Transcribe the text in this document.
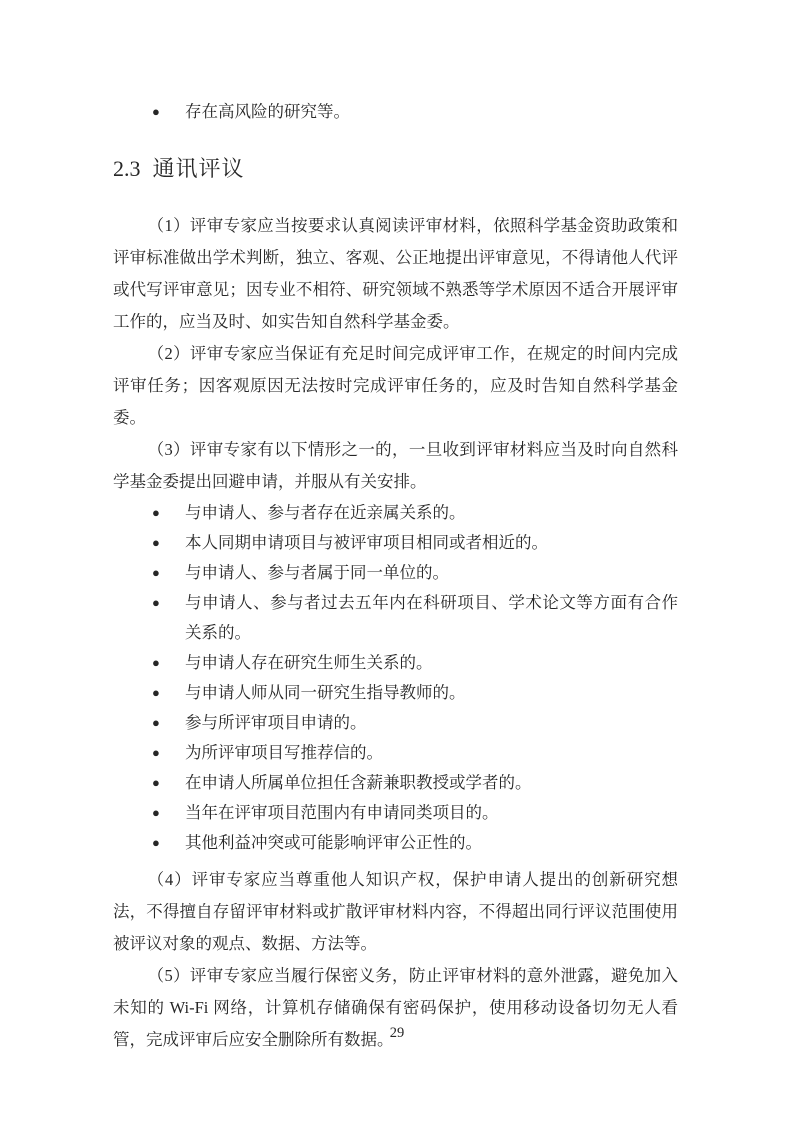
● 存在高风险的研究等。
2.3 通讯评议

（1）评审专家应当按要求认真阅读评审材料，依照科学基金资助政策和评审标准做出学术判断，独立、客观、公正地提出评审意见，不得请他人代评或代写评审意见；因专业不相符、研究领域不熟悉等学术原因不适合开展评审工作的，应当及时、如实告知自然科学基金委。

（2）评审专家应当保证有充足时间完成评审工作，在规定的时间内完成评审任务；因客观原因无法按时完成评审任务的，应及时告知自然科学基金委。

（3）评审专家有以下情形之一的，一旦收到评审材料应当及时向自然科学基金委提出回避申请，并服从有关安排。

● 与申请人、参与者存在近亲属关系的。
● 本人同期申请项目与被评审项目相同或者相近的。
● 与申请人、参与者属于同一单位的。
● 与申请人、参与者过去五年内在科研项目、学术论文等方面有合作关系的。
● 与申请人存在研究生师生关系的。
● 与申请人师从同一研究生指导教师的。
● 参与所评审项目申请的。
● 为所评审项目写推荐信的。
● 在申请人所属单位担任含薪兼职教授或学者的。
● 当年在评审项目范围内有申请同类项目的。
● 其他利益冲突或可能影响评审公正性的。

（4）评审专家应当尊重他人知识产权，保护申请人提出的创新研究想法，不得擅自存留评审材料或扩散评审材料内容，不得超出同行评议范围使用被评议对象的观点、数据、方法等。

（5）评审专家应当履行保密义务，防止评审材料的意外泄露，避免加入未知的 Wi-Fi 网络，计算机存储确保有密码保护，使用移动设备切勿无人看管，完成评审后应安全删除所有数据。

29
